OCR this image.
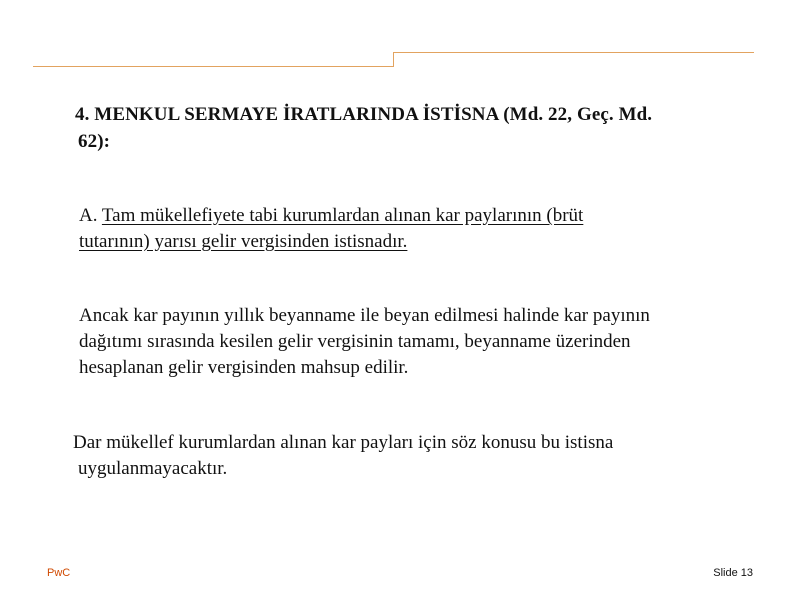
4. MENKUL SERMAYE İRATLARINDA İSTİSNA (Md. 22, Geç. Md.
62):
A. Tam mükellefiyete tabi kurumlardan alınan kar paylarının (brüt
tutarının) yarısı gelir vergisinden istisnadır.
Ancak kar payının yıllık beyanname ile beyan edilmesi halinde kar payının
dağıtımı sırasında kesilen gelir vergisinin tamamı, beyanname üzerinden
hesaplanan gelir vergisinden mahsup edilir.
Dar mükellef kurumlardan alınan kar payları için söz konusu bu istisna
uygulanmayacaktır.
PwC	Slide 13
